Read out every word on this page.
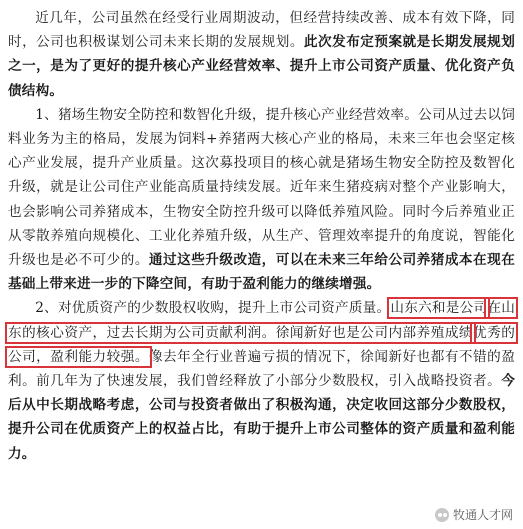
近几年，公司虽然在经受行业周期波动，但经营持续改善、成本有效下降，同时，公司也积极谋划公司未来长期的发展规划。此次发布定预案就是长期发展规划之一，是为了更好的提升核心产业经营效率、提升上市公司资产质量、优化资产负债结构。

1、猪场生物安全防控和数智化升级，提升核心产业经营效率。公司从过去以饲料业务为主的格局，发展为饲料+养猪两大核心产业的格局，未来三年也会坚定核心产业发展，提升产业质量。这次募投项目的核心就是猪场生物安全防控及数智化升级，就是让公司住产业能高质量持续发展。近年来生猪疫病对整个产业影响大，也会影响公司养猪成本，生物安全防控升级可以降低养殖风险。同时今后养殖业正从零散养殖向规模化、工业化养殖升级，从生产、管理效率提升的角度说，智能化升级也是必不可少的。通过这些升级改造，可以在未来三年给公司养猪成本在现在基础上带来进一步的下降空间，有助于盈利能力的继续增强。

2、对优质资产的少数股权收购，提升上市公司资产质量。山东六和是公司在山东的核心资产，过去长期为公司贡献利润。徐闻新好也是公司内部养殖成绩优秀的公司，盈利能力较强。像去年全行业普遍亏损的情况下，徐闻新好也都有不错的盈利。前几年为了快速发展，我们曾经释放了小部分少数股权，引入战略投资者。今后从中长期战略考虑，公司与投资者做出了积极沟通，决定收回这部分少数股权，提升公司在优质资产上的权益占比，有助于提升上市公司整体的资产质量和盈利能力。

牧通人才网
